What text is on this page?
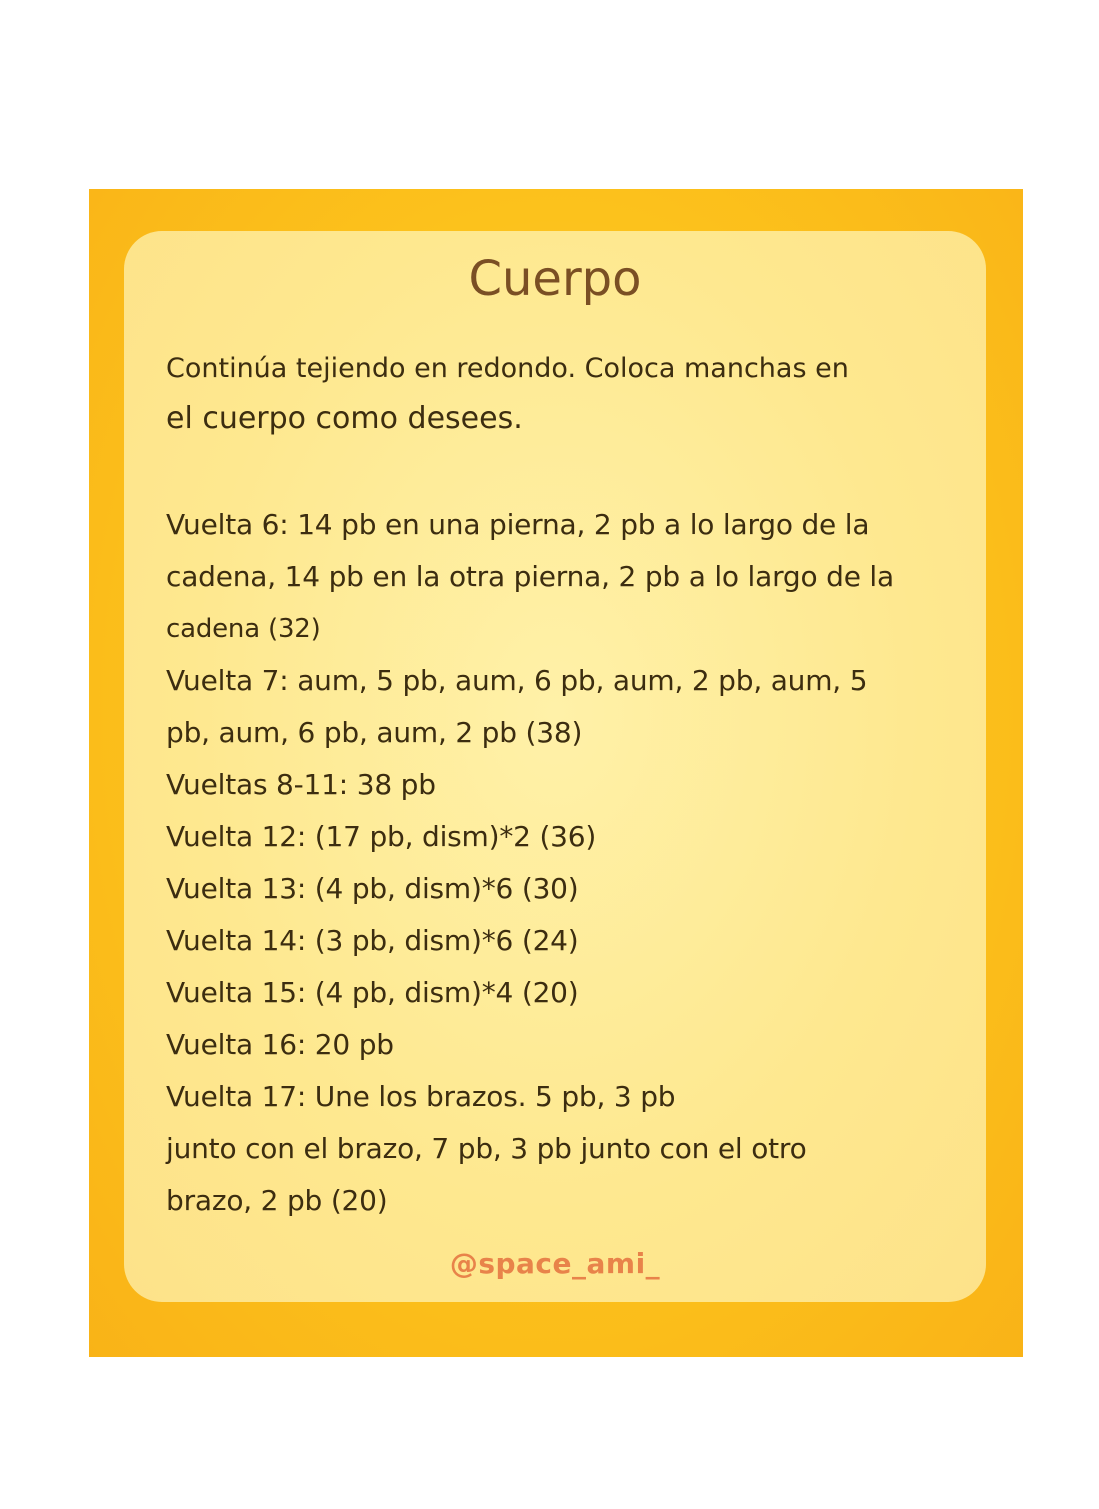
Cuerpo
Continúa tejiendo en redondo. Coloca manchas en
el cuerpo como desees.
Vuelta 6: 14 pb en una pierna, 2 pb a lo largo de la
cadena, 14 pb en la otra pierna, 2 pb a lo largo de la
cadena (32)
Vuelta 7: aum, 5 pb, aum, 6 pb, aum, 2 pb, aum, 5
pb, aum, 6 pb, aum, 2 pb (38)
Vueltas 8-11: 38 pb
Vuelta 12: (17 pb, dism)*2 (36)
Vuelta 13: (4 pb, dism)*6 (30)
Vuelta 14: (3 pb, dism)*6 (24)
Vuelta 15: (4 pb, dism)*4 (20)
Vuelta 16: 20 pb
Vuelta 17: Une los brazos. 5 pb, 3 pb
junto con el brazo, 7 pb, 3 pb junto con el otro
brazo, 2 pb (20)
@space_ami_
